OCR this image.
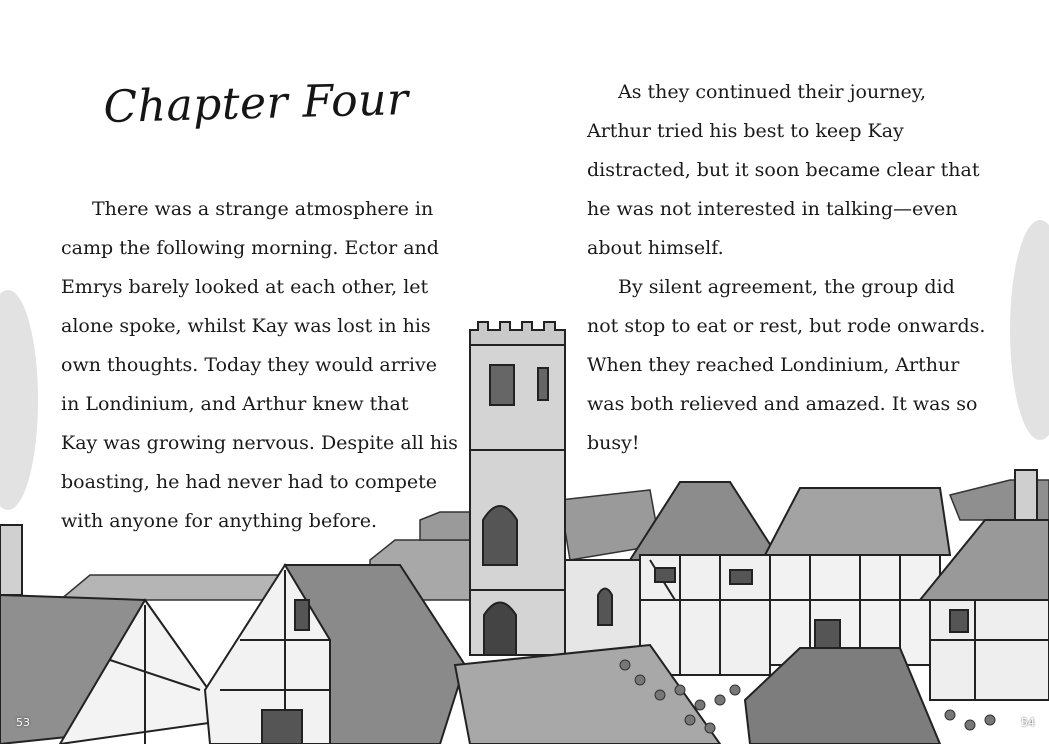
Chapter Four

There was a strange atmosphere in
camp the following morning. Ector and
Emrys barely looked at each other, let
alone spoke, whilst Kay was lost in his
own thoughts. Today they would arrive
in Londinium, and Arthur knew that
Kay was growing nervous. Despite all his
boasting, he had never had to compete
with anyone for anything before.

As they continued their journey,
Arthur tried his best to keep Kay
distracted, but it soon became clear that
he was not interested in talking—even
about himself.

By silent agreement, the group did
not stop to eat or rest, but rode onwards.
When they reached Londinium, Arthur
was both relieved and amazed. It was so
busy!

53	54
